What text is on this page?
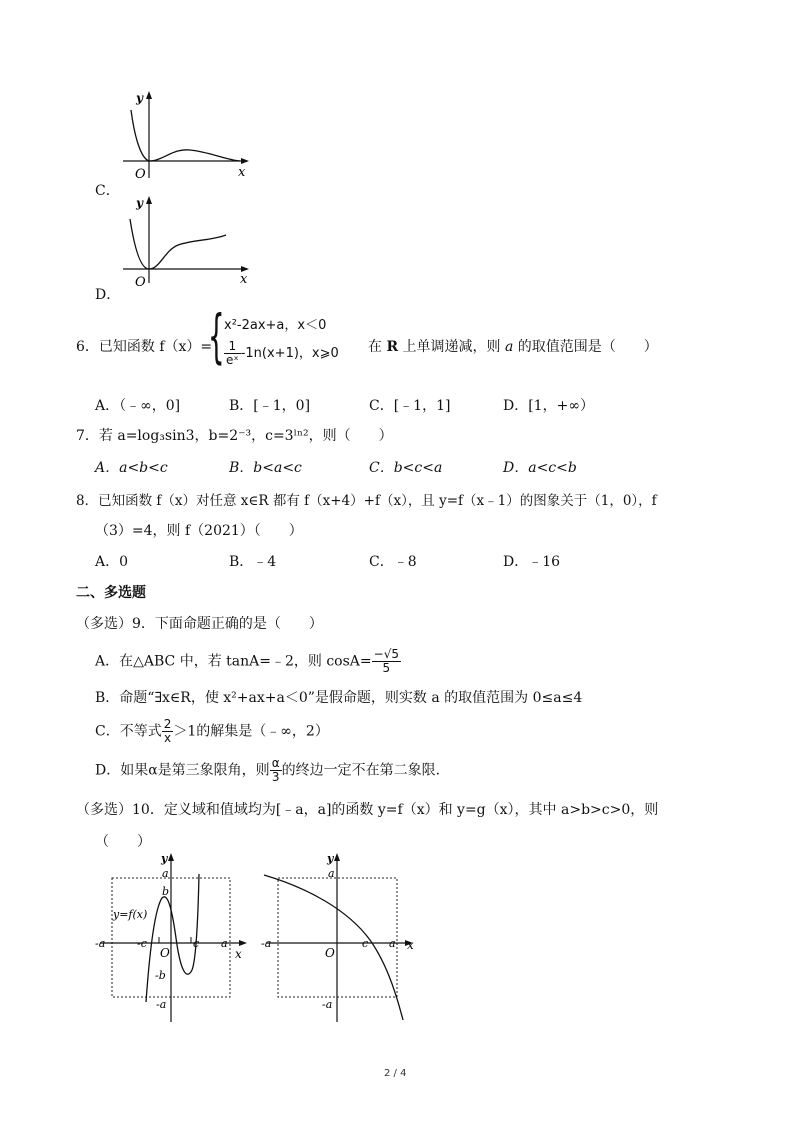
y
x
O
C．
y
x
O
D．
6．已知函数 f（x）=
{ x²-2ax+a，x＜0
$\frac{1}{\text{eˣ}} -1n(x+1)$，x⩾0 在 R 上单调递减，则 a 的取值范围是（　　）
A．（﹣∞，0]	B．[﹣1，0]	C．[﹣1，1]	D．[1，+∞）
7．若 a=log₃sin3，b=2⁻³，c=3ˡⁿ²，则（　　）
A．a<b<c	B．b<a<c	C．b<c<a	D．a<c<b
8．已知函数 f（x）对任意 x∈R 都有 f（x+4）+f（x），且 y=f（x﹣1）的图象关于（1，0），f
（3）=4，则 f（2021）（　　）
A．0	B．﹣4	C．﹣8	D．﹣16
二、多选题
（多选）9．下面命题正确的是（　　）
A．在△ABC 中，若 tanA=﹣2，则 $\cos A= \frac{-√5}{5}$
B．命题“∃x∈R，使 x²+ax+a＜0”是假命题，则实数 a 的取值范围为 0≤a≤4
C．不等式 $\frac{2}{x} >1$的解集是（﹣∞，2）
D．如果α是第三象限角，则 $\frac{\alpha}{3}$ 的终边一定不在第二象限.
（多选）10．定义域和值域均为[﹣a，a]的函数 y=f（x）和 y=g（x），其中 a>b>c>0，则
（　　）
y
x
O
a
b
y=f(x)
-a	-c	c a
-b
-a
y
x
O
a
-a	c a
-a
2 / 4
